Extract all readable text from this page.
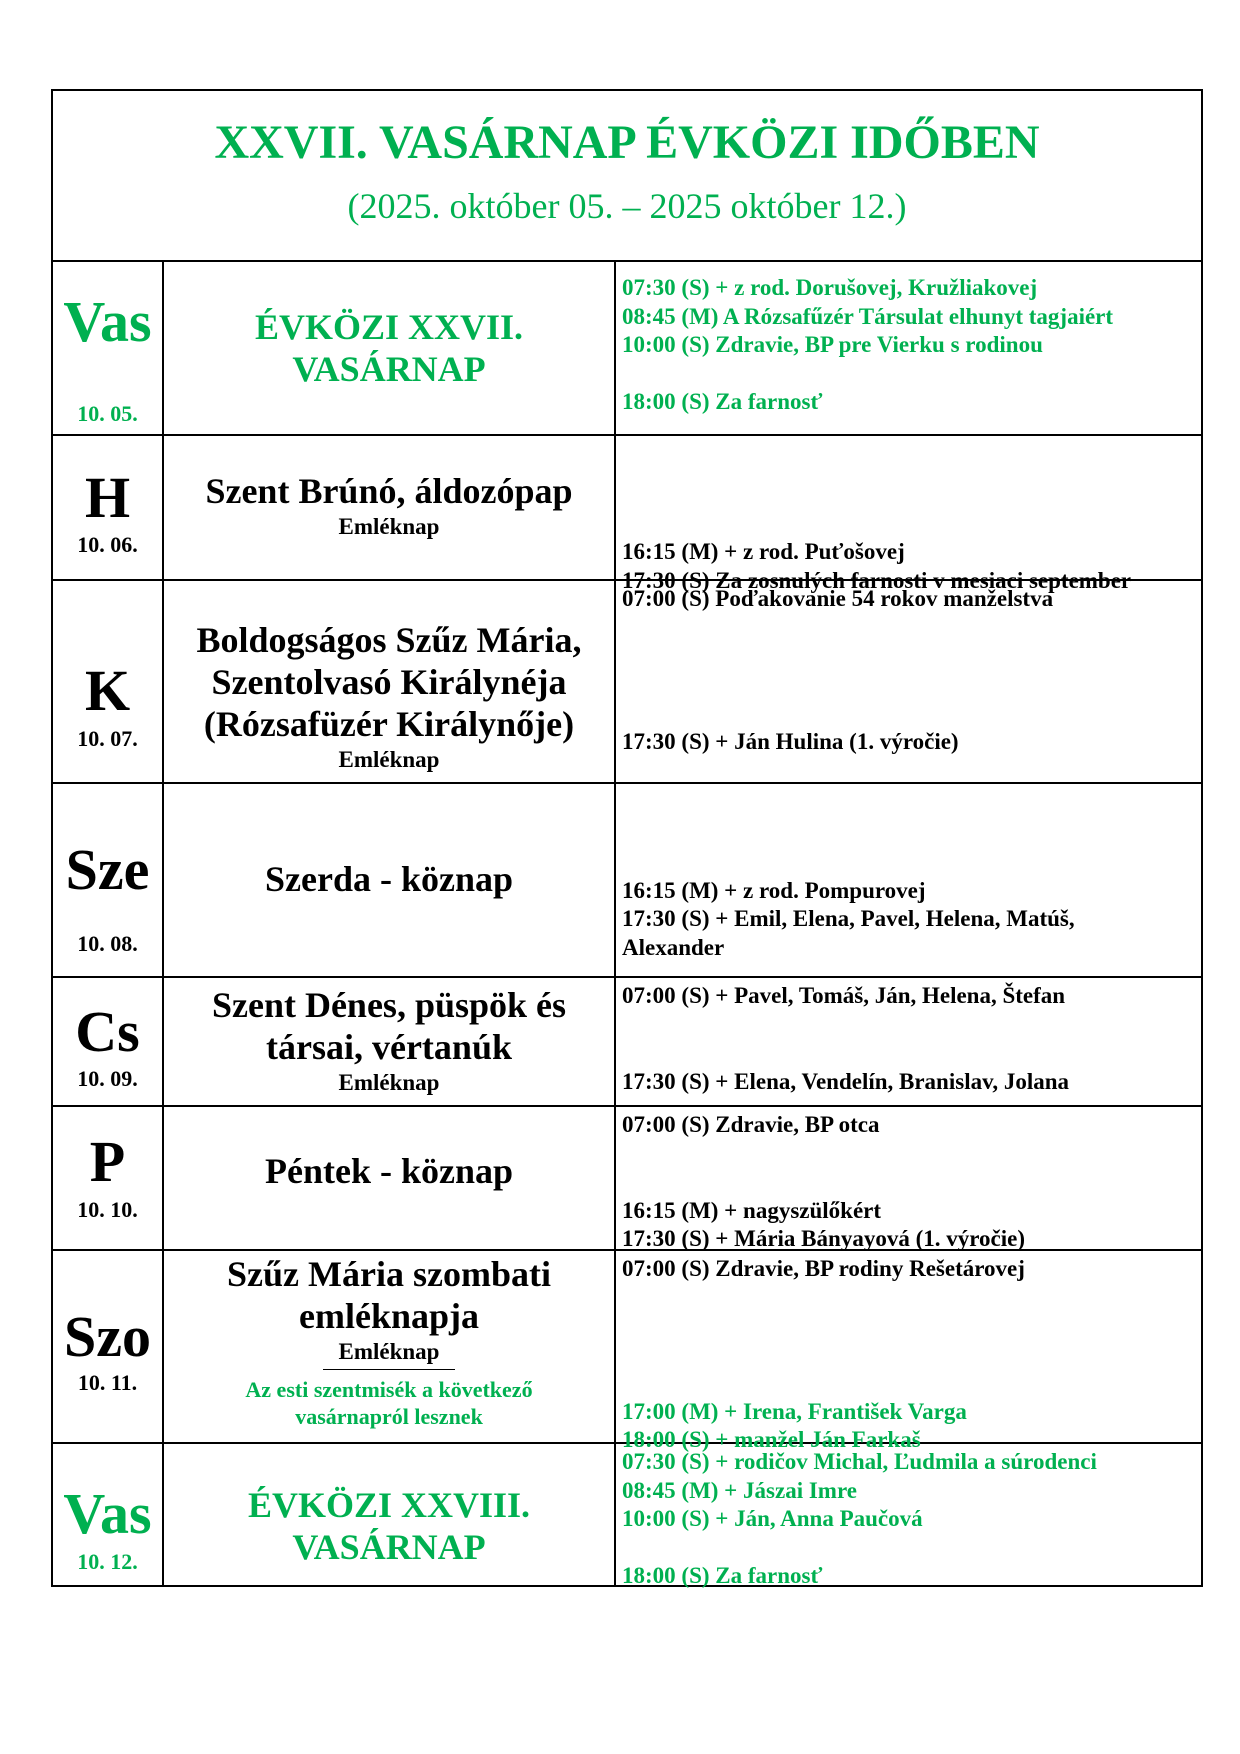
XXVII. VASÁRNAP ÉVKÖZI IDŐBEN
(2025. október 05. – 2025 október 12.)
Vas
10. 05.
ÉVKÖZI XXVII.
VASÁRNAP
07:30 (S) + z rod. Dorušovej, Kružliakovej
08:45 (M) A Rózsafűzér Társulat elhunyt tagjaiért
10:00 (S) Zdravie, BP pre Vierku s rodinou
18:00 (S) Za farnosť
H
10. 06.
Szent Brúnó, áldozópap
Emléknap
16:15 (M) + z rod. Puťošovej
17:30 (S) Za zosnulých farnosti v mesiaci september
K
10. 07.
Boldogságos Szűz Mária,
Szentolvasó Királynéja
(Rózsafüzér Királynője)
Emléknap
07:00 (S) Poďakovanie 54 rokov manželstva
17:30 (S) + Ján Hulina (1. výročie)
Sze
10. 08.
Szerda - köznap	16:15 (M) + z rod. Pompurovej
17:30 (S) + Emil, Elena, Pavel, Helena, Matúš,
Alexander
Cs
10. 09.
Szent Dénes, püspök és
társai, vértanúk
Emléknap
07:00 (S) + Pavel, Tomáš, Ján, Helena, Štefan
17:30 (S) + Elena, Vendelín, Branislav, Jolana
P
10. 10.
Péntek - köznap
07:00 (S) Zdravie, BP otca
16:15 (M) + nagyszülőkért
17:30 (S) + Mária Bányayová (1. výročie)
Szo
10. 11.
Szűz Mária szombati
emléknapja
Emléknap
Az esti szentmisék a következő
vasárnapról lesznek
07:00 (S) Zdravie, BP rodiny Rešetárovej
17:00 (M) + Irena, František Varga
18:00 (S) + manžel Ján Farkaš
Vas
10. 12.
ÉVKÖZI XXVIII.
VASÁRNAP
07:30 (S) + rodičov Michal, Ľudmila a súrodenci
08:45 (M) + Jászai Imre
10:00 (S) + Ján, Anna Paučová
18:00 (S) Za farnosť
